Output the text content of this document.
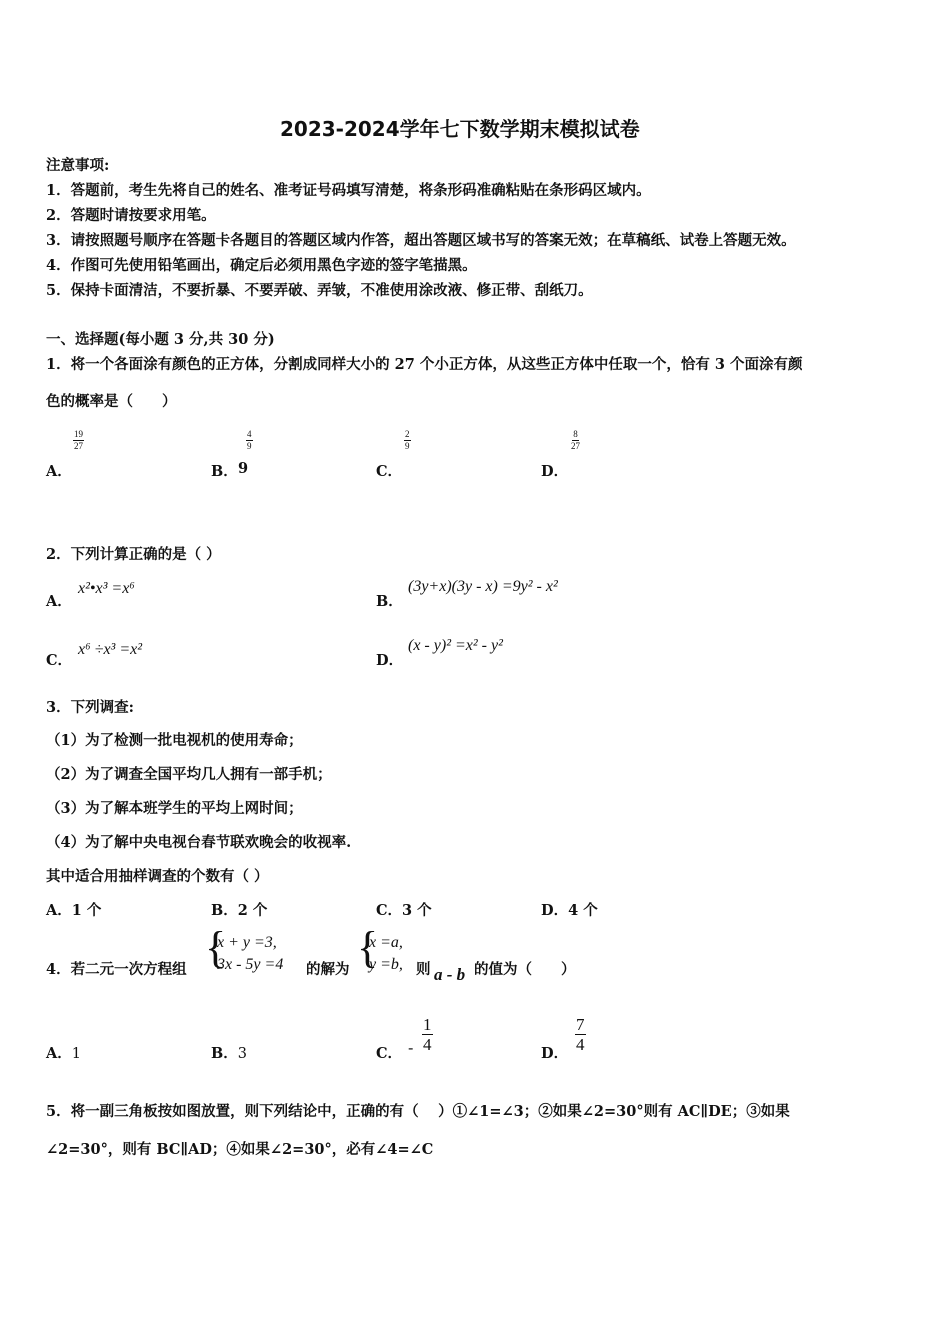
2023-2024学年七下数学期末模拟试卷
注意事项:
1．答题前，考生先将自己的姓名、准考证号码填写清楚，将条形码准确粘贴在条形码区域内。
2．答题时请按要求用笔。
3．请按照题号顺序在答题卡各题目的答题区域内作答，超出答题区域书写的答案无效；在草稿纸、试卷上答题无效。
4．作图可先使用铅笔画出，确定后必须用黑色字迹的签字笔描黑。
5．保持卡面清洁，不要折暴、不要弄破、弄皱，不准使用涂改液、修正带、刮纸刀。
一、选择题(每小题 3 分,共 30 分)
1．将一个各面涂有颜色的正方体，分割成同样大小的 27 个小正方体，从这些正方体中任取一个，恰有 3 个面涂有颜
色的概率是（　　）
A．
$\frac{19}{27}$
B．
$\frac{4}{9}$
9	C．
$\frac{2}{9}$
D．
$\frac{8}{27}$
2．下列计算正确的是（ ）
A．
x²•x³ =x⁶
B．
(3y+x)(3y - x) =9y² - x²
C．
x⁶ ÷x³ =x²
D．
(x - y)² =x² - y²
3．下列调查:
（1）为了检测一批电视机的使用寿命；
（2）为了调查全国平均几人拥有一部手机；
（3）为了解本班学生的平均上网时间；
（4）为了解中央电视台春节联欢晚会的收视率.
其中适合用抽样调查的个数有（ ）
A．1 个	B．2 个	C．3 个	D．4 个
4．若二元一次方程组 {
x + y =3,
3x - 5y =4 的解为 {
x =a,
y =b, 则 a - b 的值为（　　）
A．1	B．3	C． - $\frac{1}{4}$
D．
$\frac{7}{4}$
5．将一副三角板按如图放置，则下列结论中，正确的有（　 ）①∠1=∠3；②如果∠2=30°则有 AC∥DE；③如果
∠2=30°，则有 BC∥AD；④如果∠2=30°，必有∠4=∠C
